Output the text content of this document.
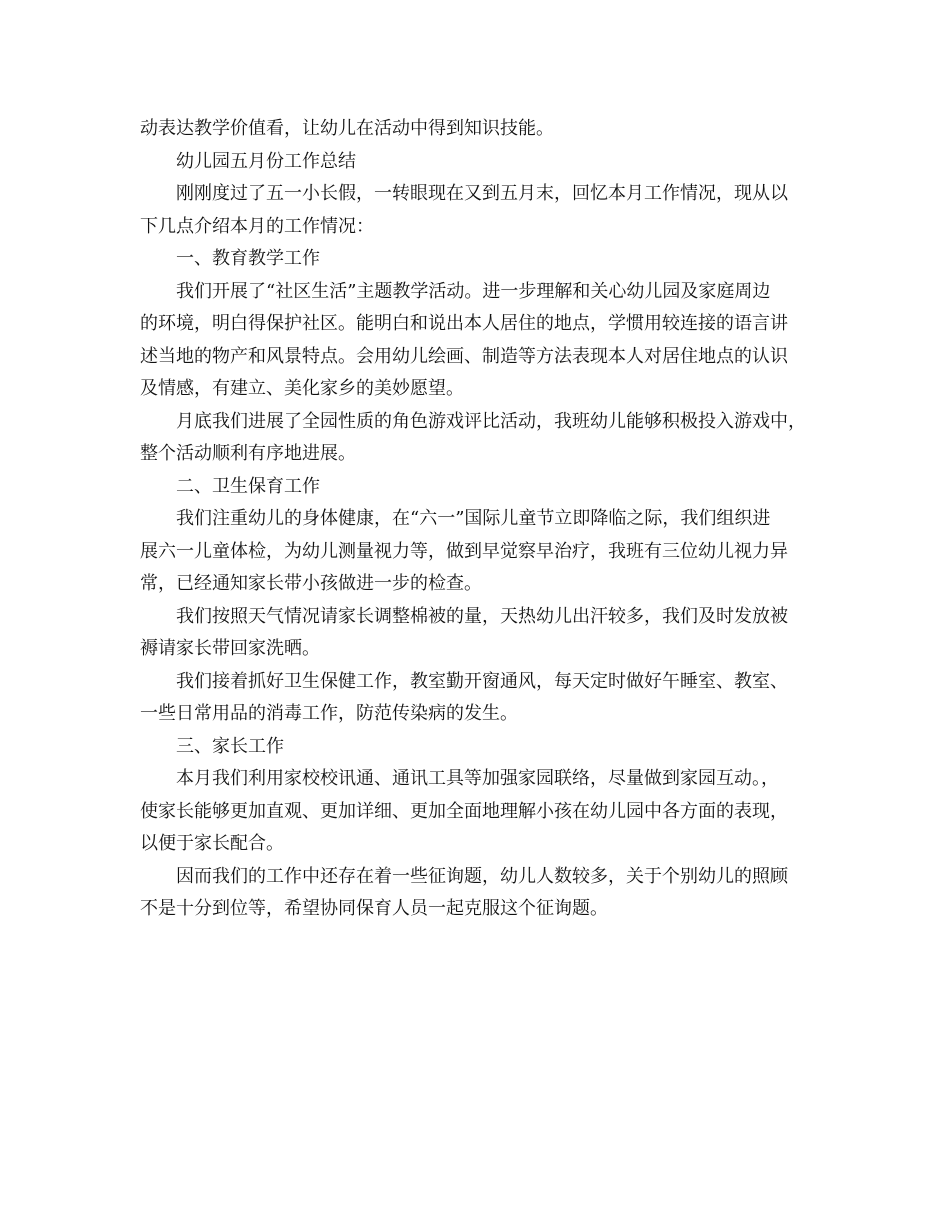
动表达教学价值看，让幼儿在活动中得到知识技能。
幼儿园五月份工作总结
刚刚度过了五一小长假，一转眼现在又到五月末，回忆本月工作情况，现从以
下几点介绍本月的工作情况：
一、教育教学工作
我们开展了“社区生活”主题教学活动。进一步理解和关心幼儿园及家庭周边
的环境，明白得保护社区。能明白和说出本人居住的地点，学惯用较连接的语言讲
述当地的物产和风景特点。会用幼儿绘画、制造等方法表现本人对居住地点的认识
及情感，有建立、美化家乡的美妙愿望。
月底我们进展了全园性质的角色游戏评比活动，我班幼儿能够积极投入游戏中，
整个活动顺利有序地进展。
二、卫生保育工作
我们注重幼儿的身体健康，在“六一”国际儿童节立即降临之际，我们组织进
展六一儿童体检，为幼儿测量视力等，做到早觉察早治疗，我班有三位幼儿视力异
常，已经通知家长带小孩做进一步的检查。
我们按照天气情况请家长调整棉被的量，天热幼儿出汗较多，我们及时发放被
褥请家长带回家洗晒。
我们接着抓好卫生保健工作，教室勤开窗通风，每天定时做好午睡室、教室、
一些日常用品的消毒工作，防范传染病的发生。
三、家长工作
本月我们利用家校校讯通、通讯工具等加强家园联络，尽量做到家园互动。，
使家长能够更加直观、更加详细、更加全面地理解小孩在幼儿园中各方面的表现，
以便于家长配合。
因而我们的工作中还存在着一些征询题，幼儿人数较多，关于个别幼儿的照顾
不是十分到位等，希望协同保育人员一起克服这个征询题。
